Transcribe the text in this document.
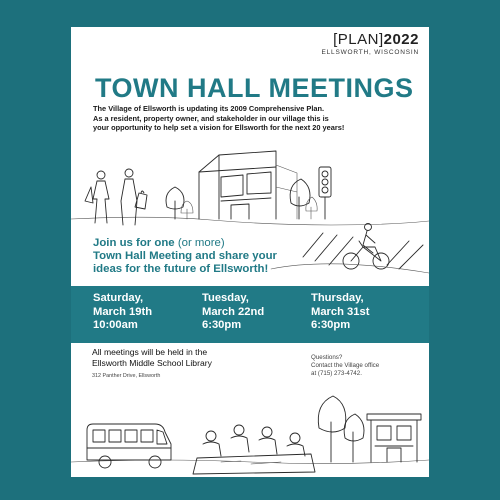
[PLAN]2022
ELLSWORTH, WISCONSIN
TOWN HALL MEETINGS
The Village of Ellsworth is updating its 2009 Comprehensive Plan.
As a resident, property owner, and stakeholder in our village this is
your opportunity to help set a vision for Ellsworth for the next 20 years!
Join us for one (or more)
Town Hall Meeting and share your
ideas for the future of Ellsworth!
Saturday,
March 19th
10:00am
Tuesday,
March 22nd
6:30pm
Thursday,
March 31st
6:30pm
All meetings will be held in the
Ellsworth Middle School Library
312 Panther Drive, Ellsworth
Questions?
Contact the Village office
at (715) 273-4742.
